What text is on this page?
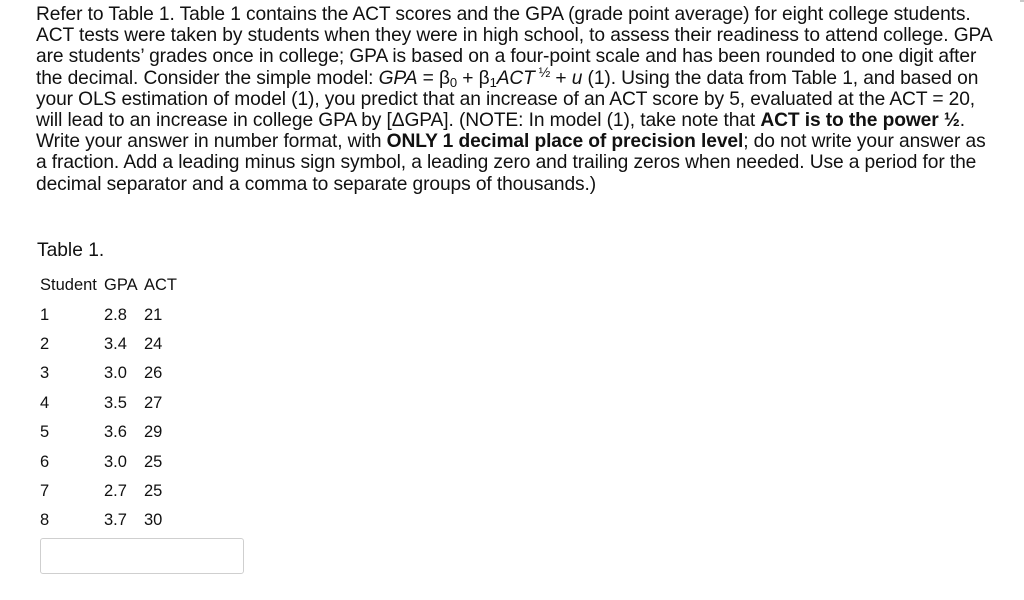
Refer to Table 1. Table 1 contains the ACT scores and the GPA (grade point average) for eight college students. ACT tests were taken by students when they were in high school, to assess their readiness to attend college. GPA are students’ grades once in college; GPA is based on a four-point scale and has been rounded to one digit after the decimal. Consider the simple model: GPA = $\beta_0 + \beta_1ACT$ $^{\frac{1}{2}}$ + u (1). Using the data from Table 1, and based on your OLS estimation of model (1), you predict that an increase of an ACT score by 5, evaluated at the ACT = 20, will lead to an increase in college GPA by [ΔGPA]. (NOTE: In model (1), take note that ACT is to the power ½. Write your answer in number format, with ONLY 1 decimal place of precision level; do not write your answer as a fraction. Add a leading minus sign symbol, a leading zero and trailing zeros when needed. Use a period for the decimal separator and a comma to separate groups of thousands.)
Table 1.
Student	GPA	ACT
1	2.8	21
2	3.4	24
3	3.0	26
4	3.5	27
5	3.6	29
6	3.0	25
7	2.7	25
8	3.7	30
